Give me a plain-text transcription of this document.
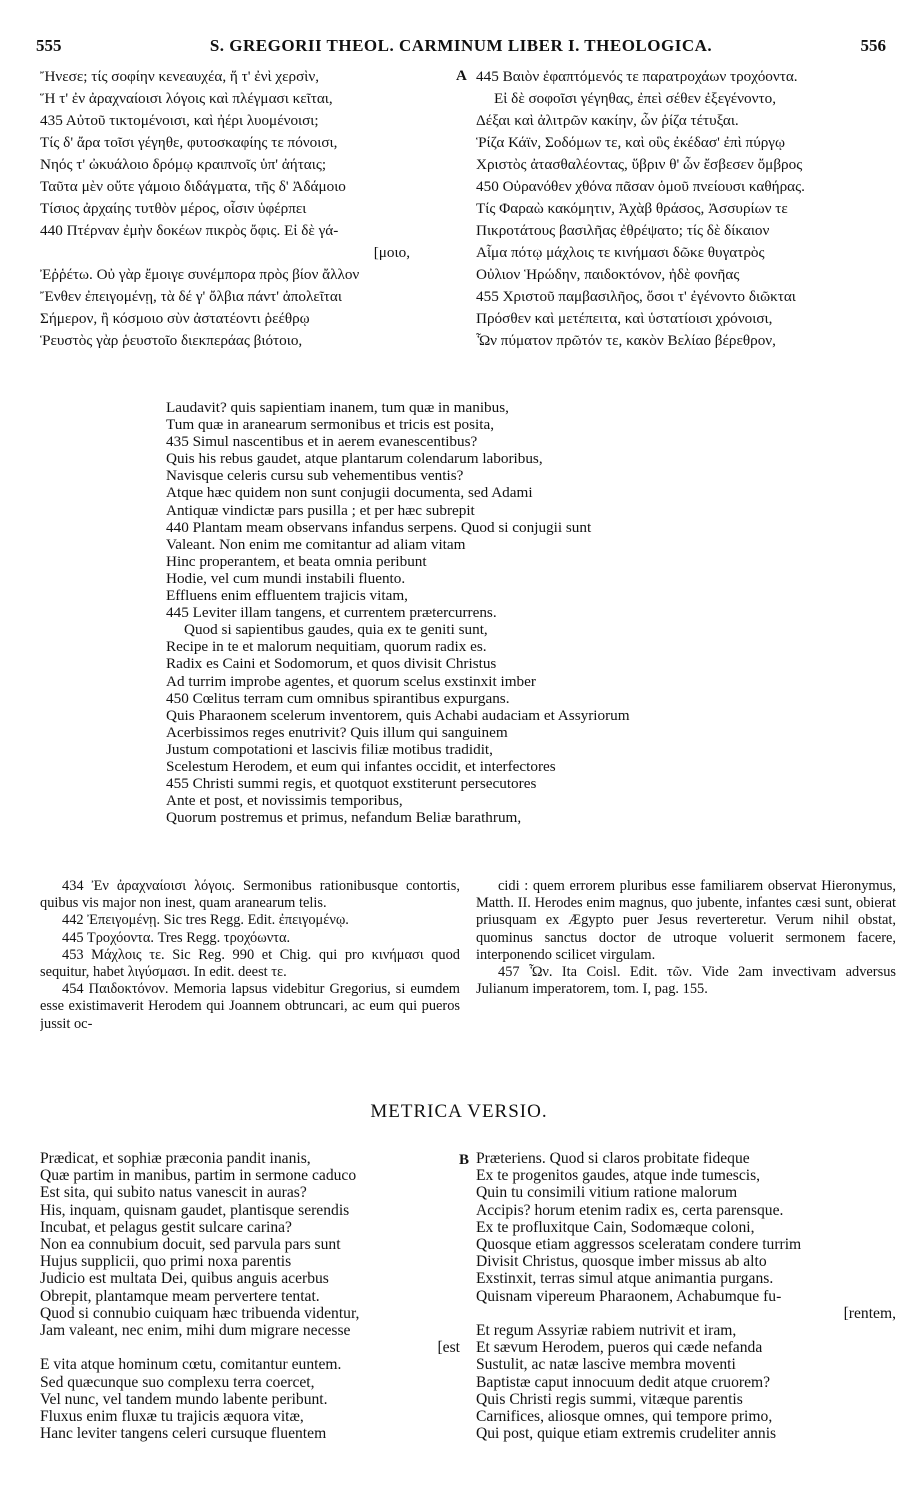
555	S. GREGORII THEOL. CARMINUM LIBER I. THEOLOGICA.	556
Ἤνεσε; τίς σοφίην κενεαυχέα, ἥ τ' ἐνὶ χερσὶν,
Ἥ τ' ἐν ἀραχναίοισι λόγοις καὶ πλέγμασι κεῖται,
435 Αὐτοῦ τικτομένοισι, καὶ ἠέρι λυομένοισι;
Τίς δ' ἄρα τοῖσι γέγηθε, φυτοσκαφίης τε πόνοισι,
Νηός τ' ὠκυάλοιο δρόμῳ κραιπνοῖς ὑπ' ἀήταις;
Ταῦτα μὲν οὔτε γάμοιο διδάγματα, τῆς δ' Ἀδάμοιο
Τίσιος ἀρχαίης τυτθὸν μέρος, οἷσιν ὑφέρπει
440 Πτέρναν ἐμὴν δοκέων πικρὸς ὄφις. Εἰ δὲ γά-
[μοιο,
Ἐῤῥέτω. Οὐ γὰρ ἔμοιγε συνέμπορα πρὸς βίον ἄλλον
Ἔνθεν ἐπειγομένῃ, τὰ δέ γ' ὄλβια πάντ' ἀπολεῖται
Σήμερον, ἢ κόσμοιο σὺν ἀστατέοντι ῥεέθρῳ
Ῥευστὸς γὰρ ῥευστοῖο διεκπεράας βιότοιο,
A 445 Βαιὸν ἐφαπτόμενός τε παρατροχάων τροχόοντα.
Εἰ δὲ σοφοῖσι γέγηθας, ἐπεὶ σέθεν ἐξεγένοντο,
Δέξαι καὶ ἀλιτρῶν κακίην, ὧν ῥίζα τέτυξαι.
Ῥίζα Κάϊν, Σοδόμων τε, καὶ οὓς ἐκέδασ' ἐπὶ πύργῳ
Χριστὸς ἀτασθαλέοντας, ὕβριν θ' ὧν ἔσβεσεν ὄμβρος
450 Οὐρανόθεν χθόνα πᾶσαν ὁμοῦ πνείουσι καθήρας.
Τίς Φαραὼ κακόμητιν, Ἀχὰβ θράσος, Ἀσσυρίων τε
Πικροτάτους βασιλῆας ἐθρέψατο; τίς δὲ δίκαιον
Αἷμα πότῳ μάχλοις τε κινήμασι δῶκε θυγατρὸς
Οὐλιον Ἡρώδην, παιδοκτόνον, ἠδὲ φονῆας
455 Χριστοῦ παμβασιλῆος, ὅσοι τ' ἐγένοντο διῶκται
Πρόσθεν καὶ μετέπειτα, καὶ ὑστατίοισι χρόνοισι,
Ὧν πύματον πρῶτόν τε, κακὸν Βελίαο βέρεθρον,
Laudavit? quis sapientiam inanem, tum quæ in manibus,
Tum quæ in aranearum sermonibus et tricis est posita,
435 Simul nascentibus et in aerem evanescentibus?
Quis his rebus gaudet, atque plantarum colendarum laboribus,
Navisque celeris cursu sub vehementibus ventis?
Atque hæc quidem non sunt conjugii documenta, sed Adami
Antiquæ vindictæ pars pusilla ; et per hæc subrepit
440 Plantam meam observans infandus serpens. Quod si conjugii sunt
Valeant. Non enim me comitantur ad aliam vitam
Hinc properantem, et beata omnia peribunt
Hodie, vel cum mundi instabili fluento.
Effluens enim effluentem trajicis vitam,
445 Leviter illam tangens, et currentem prætercurrens.
Quod si sapientibus gaudes, quia ex te geniti sunt,
Recipe in te et malorum nequitiam, quorum radix es.
Radix es Caini et Sodomorum, et quos divisit Christus
Ad turrim improbe agentes, et quorum scelus exstinxit imber
450 Cœlitus terram cum omnibus spirantibus expurgans.
Quis Pharaonem scelerum inventorem, quis Achabi audaciam et Assyriorum
Acerbissimos reges enutrivit? Quis illum qui sanguinem
Justum compotationi et lascivis filiæ motibus tradidit,
Scelestum Herodem, et eum qui infantes occidit, et interfectores
455 Christi summi regis, et quotquot exstiterunt persecutores
Ante et post, et novissimis temporibus,
Quorum postremus et primus, nefandum Beliæ barathrum,
434 Ἐν ἀραχναίοισι λόγοις. Sermonibus rationibusque contortis, quibus vis major non inest, quam aranearum telis.
442 Ἐπειγομένῃ. Sic tres Regg. Edit. ἐπειγομένῳ.
445 Τροχόοντα. Tres Regg. τροχόωντα.
453 Μάχλοις τε. Sic Reg. 990 et Chig. qui pro κινήμασι quod sequitur, habet λιγύσμασι. In edit. deest τε.
454 Παιδοκτόνον. Memoria lapsus videbitur Gregorius, si eumdem esse existimaverit Herodem qui Joannem obtruncari, ac eum qui pueros jussit oc-
cidi : quem errorem pluribus esse familiarem observat Hieronymus, Matth. II. Herodes enim magnus, quo jubente, infantes cæsi sunt, obierat priusquam ex Ægypto puer Jesus reverteretur. Verum nihil obstat, quominus sanctus doctor de utroque voluerit sermonem facere, interponendo scilicet virgulam.
457 Ὧν. Ita Coisl. Edit. τῶν. Vide 2am invectivam adversus Julianum imperatorem, tom. I, pag. 155.
METRICA VERSIO.
Prædicat, et sophiæ præconia pandit inanis,
Quæ partim in manibus, partim in sermone caduco
Est sita, qui subito natus vanescit in auras?
His, inquam, quisnam gaudet, plantisque serendis
Incubat, et pelagus gestit sulcare carina?
Non ea connubium docuit, sed parvula pars sunt
Hujus supplicii, quo primi noxa parentis
Judicio est multata Dei, quibus anguis acerbus
Obrepit, plantamque meam pervertere tentat.
Quod si connubio cuiquam hæc tribuenda videntur,
Jam valeant, nec enim, mihi dum migrare necesse
[est
E vita atque hominum cœtu, comitantur euntem.
Sed quæcunque suo complexu terra coercet,
Vel nunc, vel tandem mundo labente peribunt.
Fluxus enim fluxæ tu trajicis æquora vitæ,
Hanc leviter tangens celeri cursuque fluentem
B Præteriens. Quod si claros probitate fideque
Ex te progenitos gaudes, atque inde tumescis,
Quin tu consimili vitium ratione malorum
Accipis? horum etenim radix es, certa parensque.
Ex te profluxitque Cain, Sodomæque coloni,
Quosque etiam aggressos sceleratam condere turrim
Divisit Christus, quosque imber missus ab alto
Exstinxit, terras simul atque animantia purgans.
Quisnam vipereum Pharaonem, Achabumque fu-
[rentem,
Et regum Assyriæ rabiem nutrivit et iram,
Et sævum Herodem, pueros qui cæde nefanda
Sustulit, ac natæ lascive membra moventi
Baptistæ caput innocuum dedit atque cruorem?
Quis Christi regis summi, vitæque parentis
Carnifices, aliosque omnes, qui tempore primo,
Qui post, quique etiam extremis crudeliter annis
